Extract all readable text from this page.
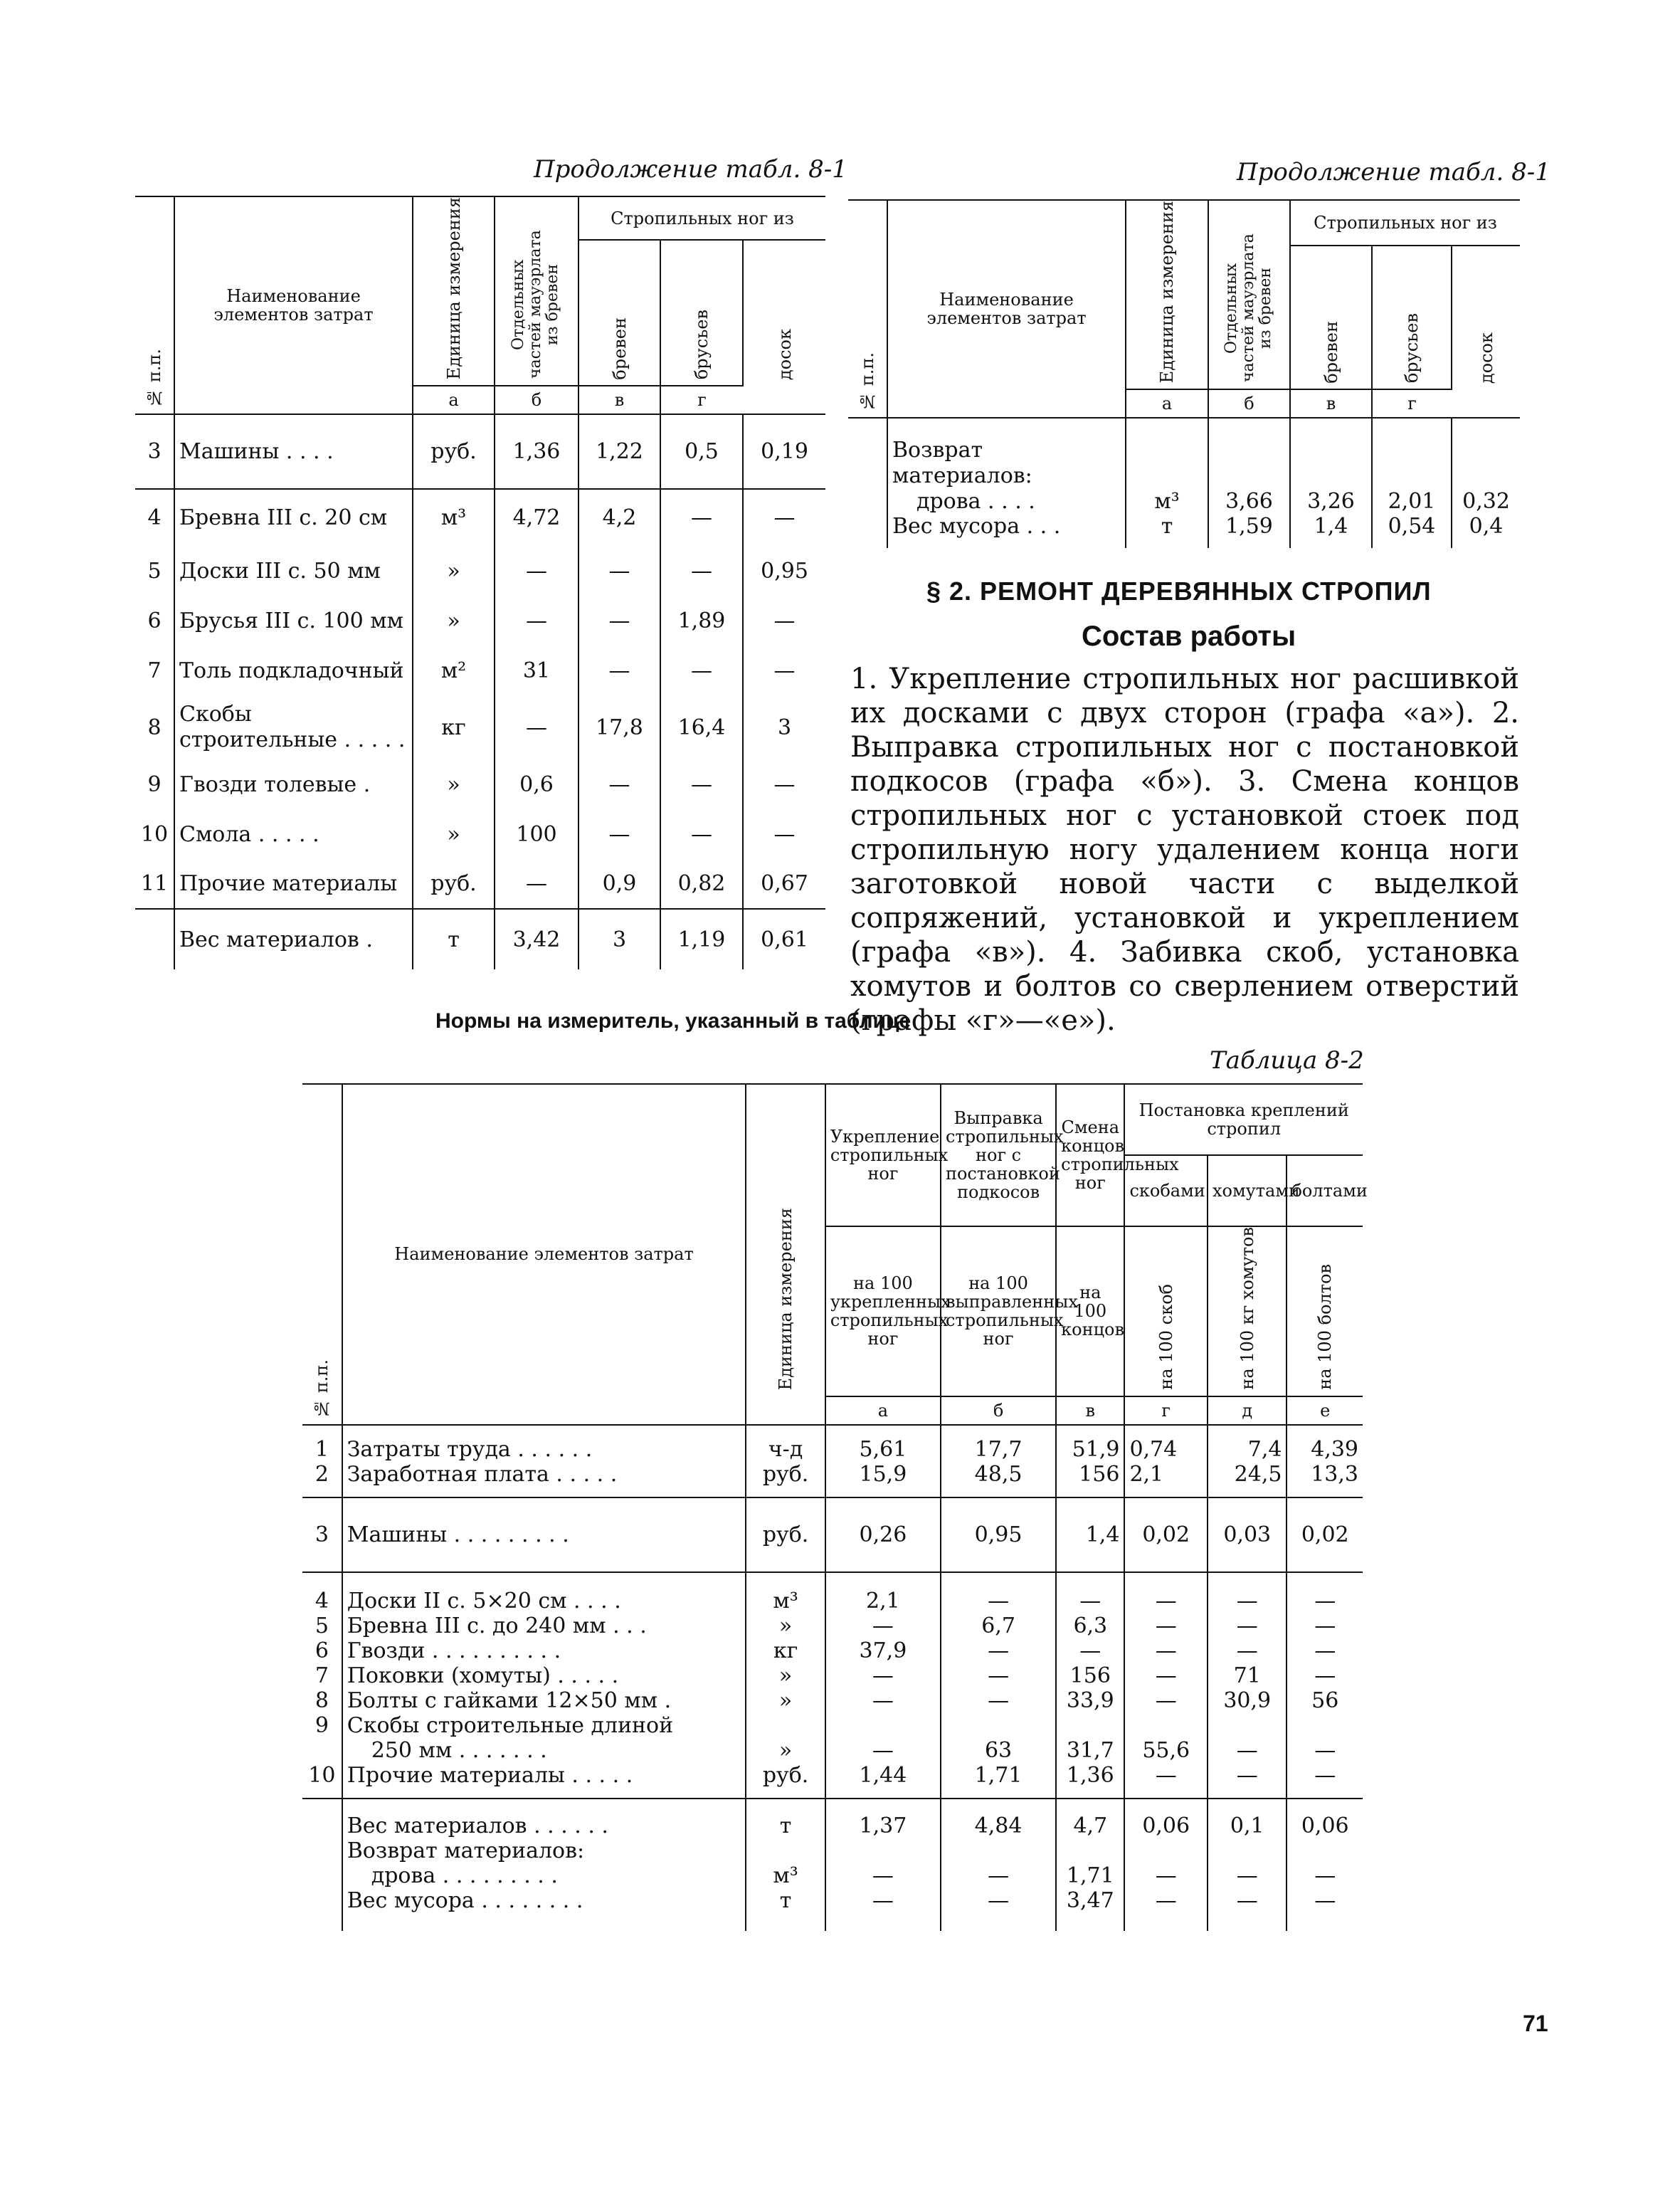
Продолжение табл. 8-1
№ п.п.	Наименование элементов затрат	Единица измерения	Отдельных частей мауэрлата из бревен	Стропильных ног из		
				бревен	брусьев	досок
		а	б	в	г	
3	Машины . . . .	руб.	1,36	1,22	0,5	0,19
4	Бревна III с. 20 см	м³	4,72	4,2	—	—
5	Доски III с. 50 мм	»	—	—	—	0,95
6	Брусья III с. 100 мм	»	—	—	1,89	—
7	Толь подкладочный	м²	31	—	—	—
8	Скобы строительные . . . . .	кг	—	17,8	16,4	3
9	Гвозди толевые .	»	0,6	—	—	—
10	Смола . . . . .	»	100	—	—	—
11	Прочие материалы	руб.	—	0,9	0,82	0,67
	Вес материалов .	т	3,42	3	1,19	0,61
Продолжение табл. 8-1
№ п.п.	Наименование элементов затрат	Единица измерения	Отдельных частей мауэрлата из бревен	Стропильных ног из		
				бревен	брусьев	досок
		а	б	в	г	
	Возврат материалов:					
	дрова . . . .	м³	3,66	3,26	2,01	0,32
	Вес мусора . . .	т	1,59	1,4	0,54	0,4
§ 2. РЕМОНТ ДЕРЕВЯННЫХ СТРОПИЛ
Состав работы
1. Укрепление стропильных ног расшивкой их досками с двух сторон (графа «а»). 2. Выправка стропильных ног с постановкой подкосов (графа «б»). 3. Смена концов стропильных ног с установкой стоек под стропильную ногу удалением конца ноги заготовкой новой части с выделкой сопряжений, установкой и укреплением (графа «в»). 4. Забивка скоб, установка хомутов и болтов со сверлением отверстий (графы «г»—«е»).
Нормы на измеритель, указанный в таблице
Таблица 8-2
№ п.п.	Наименование элементов затрат	Единица измерения	Укрепление стропильных ног	Выправка стропильных ног с постановкой подкосов	Смена концов стропильных ног	Постановка креплений стропил		
						скобами	хомутами	болтами
			на 100 укрепленных стропильных ног	на 100 выправленных стропильных ног	на 100 концов	на 100 скоб	на 100 кг хомутов	на 100 болтов
			а	б	в	г	д	е
1	Затраты труда . . . . . .	ч-д	5,61	17,7	51,9	0,74	7,4	4,39
2	Заработная плата . . . . .	руб.	15,9	48,5	156	2,1	24,5	13,3
3	Машины . . . . . . . . .	руб.	0,26	0,95	1,4	0,02	0,03	0,02
4	Доски II с. 5×20 см . . . .	м³	2,1	—	—	—	—	—
5	Бревна III с. до 240 мм . . .	»	—	6,7	6,3	—	—	—
6	Гвозди . . . . . . . . . .	кг	37,9	—	—	—	—	—
7	Поковки (хомуты) . . . . .	»	—	—	156	—	71	—
8	Болты с гайками 12×50 мм .	»	—	—	33,9	—	30,9	56
9	Скобы строительные длиной							
	250 мм . . . . . . .	»	—	63	31,7	55,6	—	—
10	Прочие материалы . . . . .	руб.	1,44	1,71	1,36	—	—	—
	Вес материалов . . . . . .	т	1,37	4,84	4,7	0,06	0,1	0,06
	Возврат материалов:							
	дрова . . . . . . . . .	м³	—	—	1,71	—	—	—
	Вес мусора . . . . . . . .	т	—	—	3,47	—	—	—
71
